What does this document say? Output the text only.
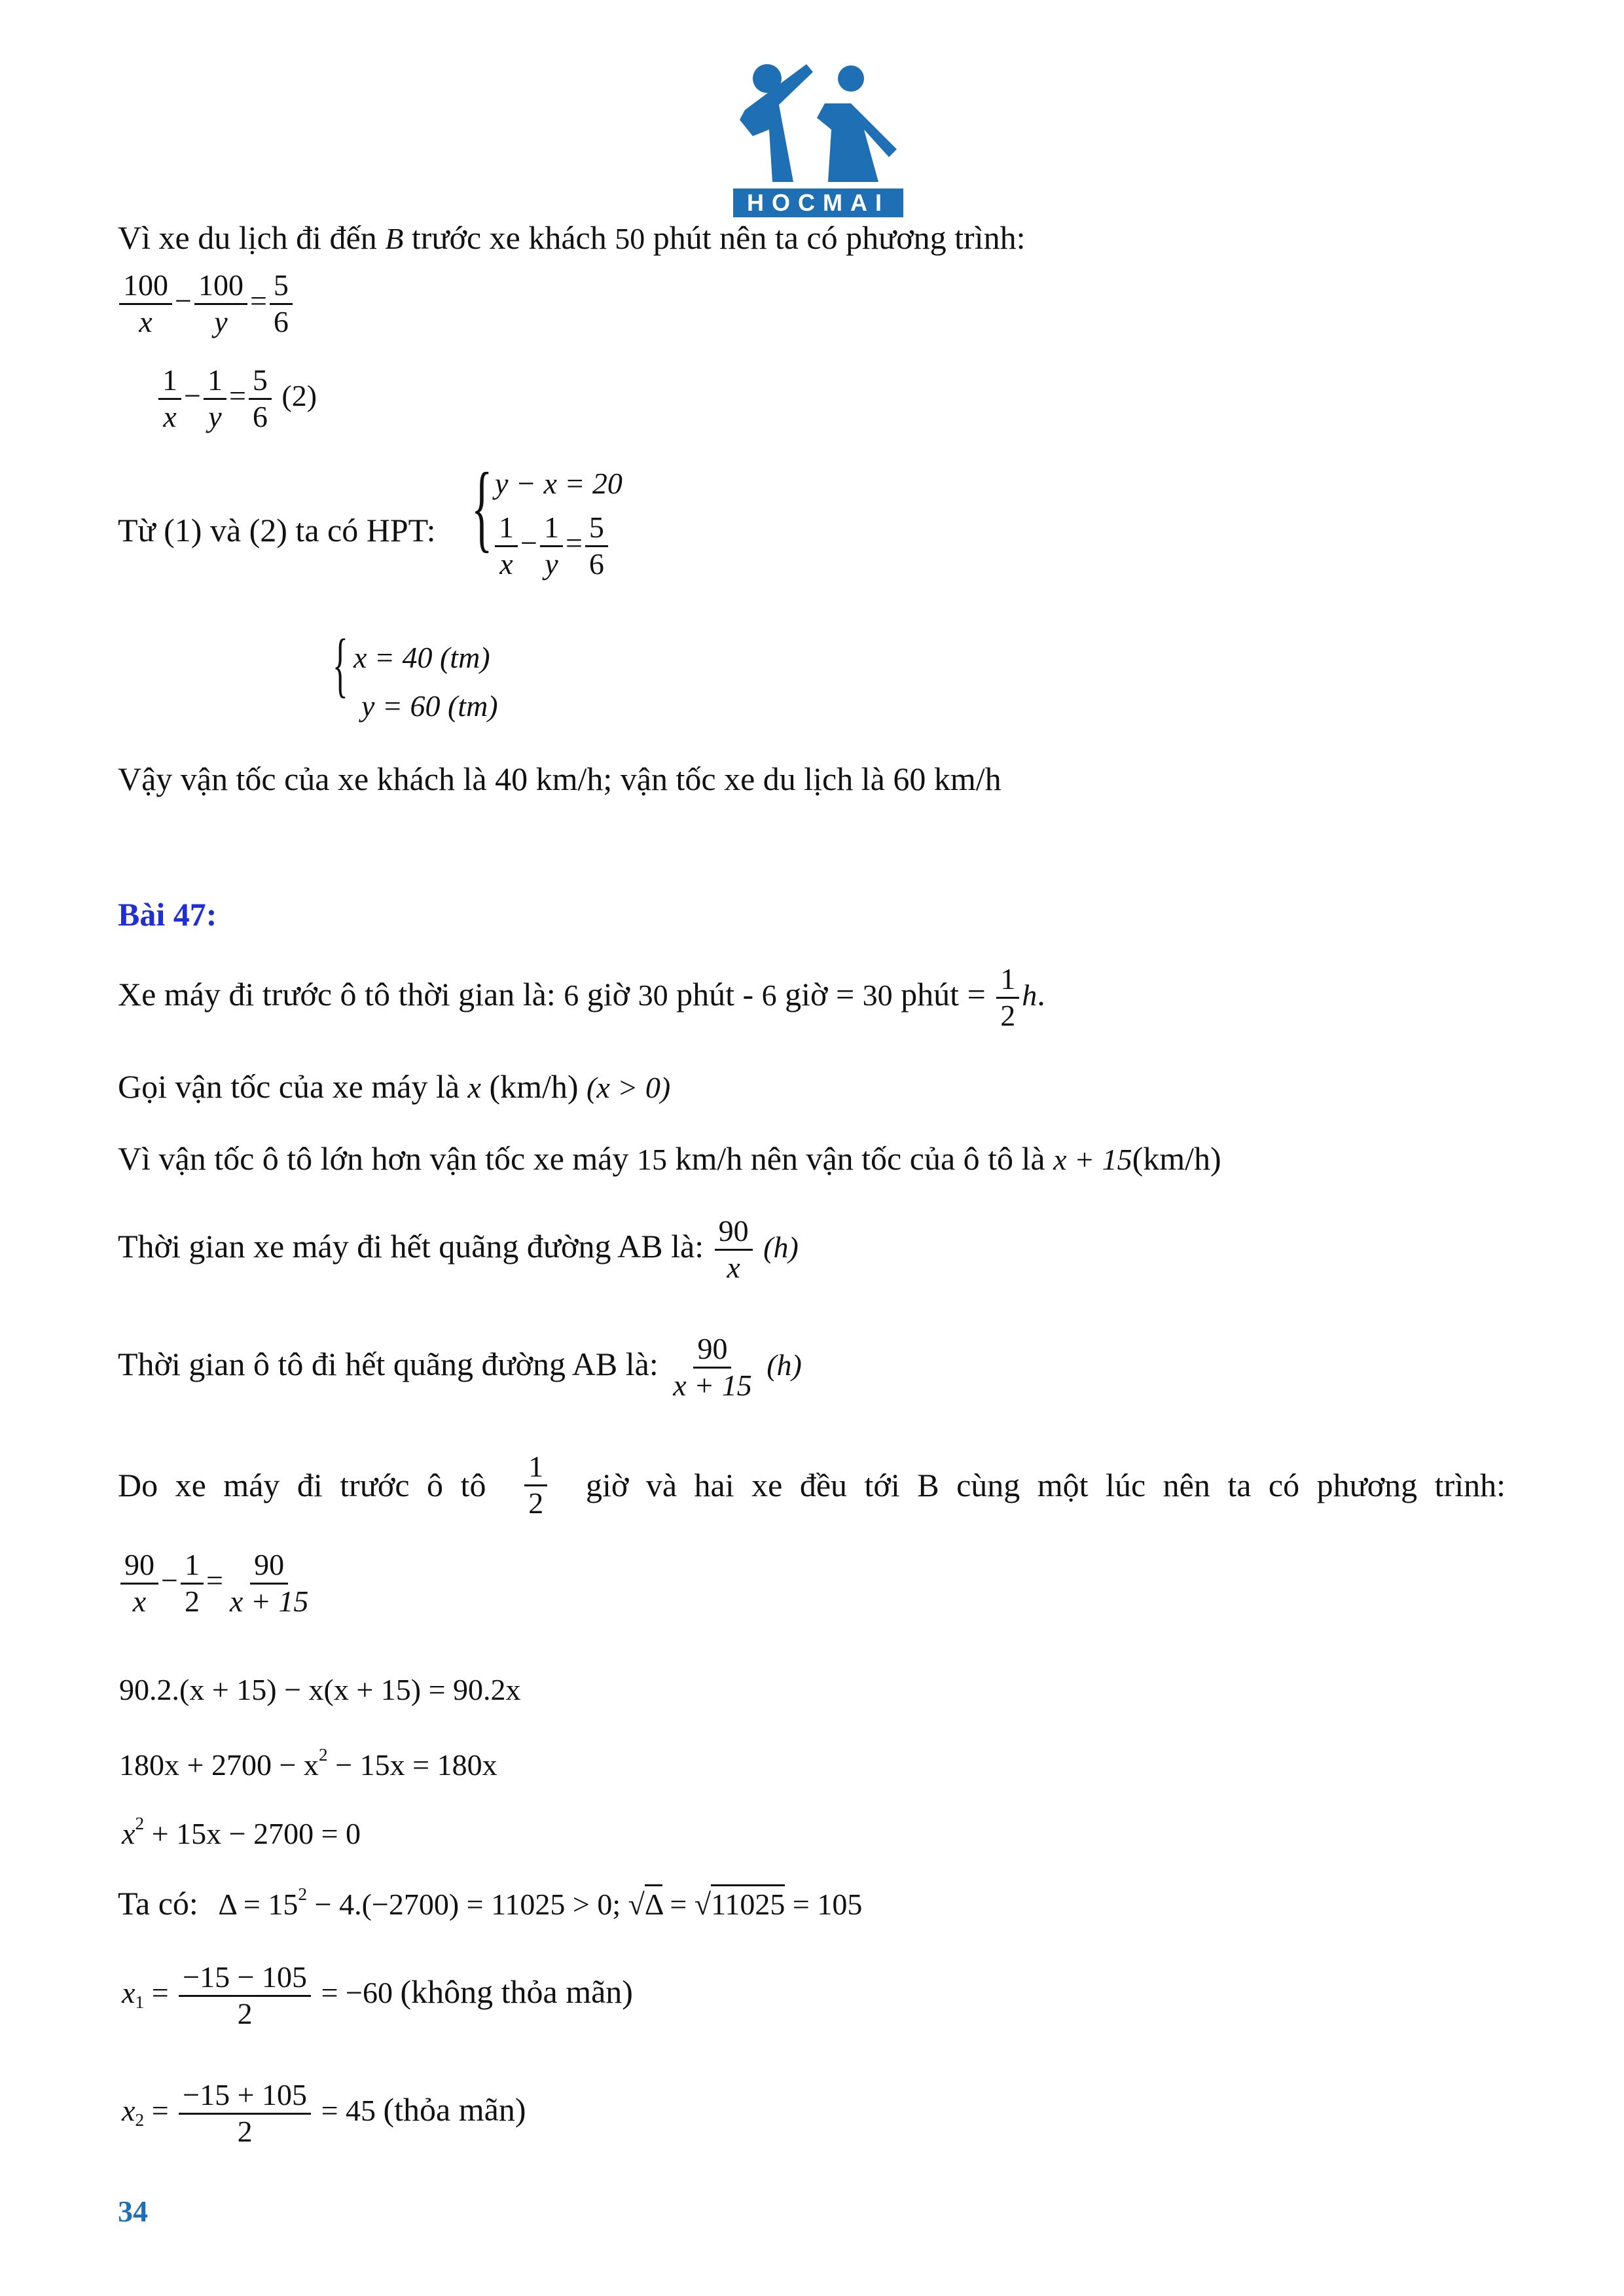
HOCMAI
Vì xe du lịch đi đến B trước xe khách 50 phút nên ta có phương trình:
$\frac{100}{x} - \frac{100}{y} = \frac{5}{6}$
$\frac{1}{x} - \frac{1}{y} = \frac{5}{6} (2)$
Từ (1) và (2) ta có HPT: { y − x = 20
$\frac{1}{x} - \frac{1}{y} = \frac{5}{6}$
{ x = 40 (tm)
y = 60 (tm)
Vậy vận tốc của xe khách là 40 km/h; vận tốc xe du lịch là 60 km/h
Bài 47:
Xe máy đi trước ô tô thời gian là: 6 giờ 30 phút - 6 giờ = 30 phút = $\frac{1}{2} h$.
Gọi vận tốc của xe máy là x (km/h) (x > 0)
Vì vận tốc ô tô lớn hơn vận tốc xe máy 15 km/h nên vận tốc của ô tô là x + 15(km/h)
Thời gian xe máy đi hết quãng đường AB là: $\frac{90}{x} (h)$
Thời gian ô tô đi hết quãng đường AB là: $\frac{90}{x + 15} (h)$
Do xe máy đi trước ô tô $\frac{1}{2}$ giờ và hai xe đều tới B cùng một lúc nên ta có phương trình:
$\frac{90}{x} - \frac{1}{2} = \frac{90}{x + 15}$
90.2.(x + 15) − x(x + 15) = 90.2x
$180x + 2700 - x^2 - 15x = 180x$
$x^2 + 15x - 2700 = 0$
Ta có: $\Delta = 15^2 - 4.(-2700) = 11025 > 0$; √Δ = √11025 = 105
$x_1 = \frac{-15 - 105}{2} = -60$ (không thỏa mãn)
$x_2 = \frac{-15 + 105}{2} = 45$ (thỏa mãn)
34
